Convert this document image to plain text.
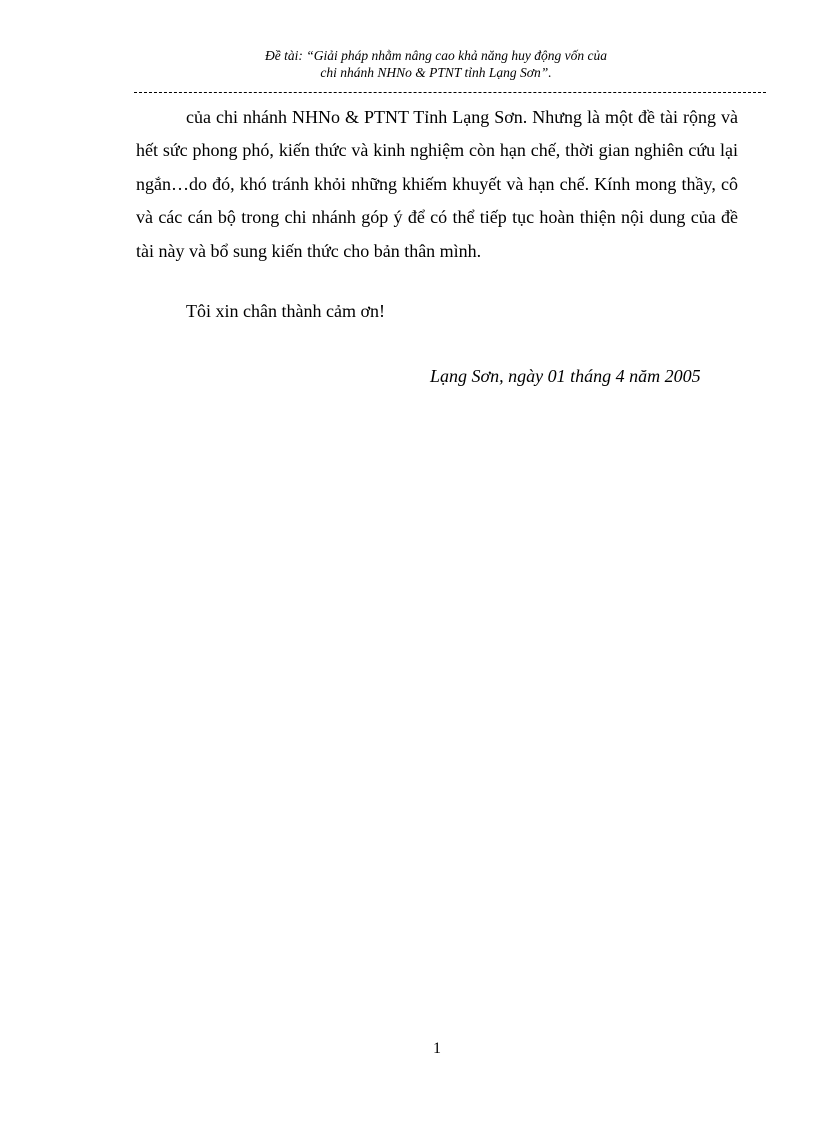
Đề tài: “Giải pháp nhằm nâng cao khả năng huy động vốn của
chi nhánh NHNo & PTNT tỉnh Lạng Sơn”.

của chi nhánh NHNo & PTNT Tỉnh Lạng Sơn. Nhưng là một đề tài rộng và hết sức phong phó, kiến thức và kinh nghiệm còn hạn chế, thời gian nghiên cứu lại ngắn…do đó, khó tránh khỏi những khiếm khuyết và hạn chế. Kính mong thầy, cô và các cán bộ trong chi nhánh góp ý để có thể tiếp tục hoàn thiện nội dung của đề tài này và bổ sung kiến thức cho bản thân mình.

Tôi xin chân thành cảm ơn!

Lạng Sơn, ngày 01 tháng 4 năm 2005
1
